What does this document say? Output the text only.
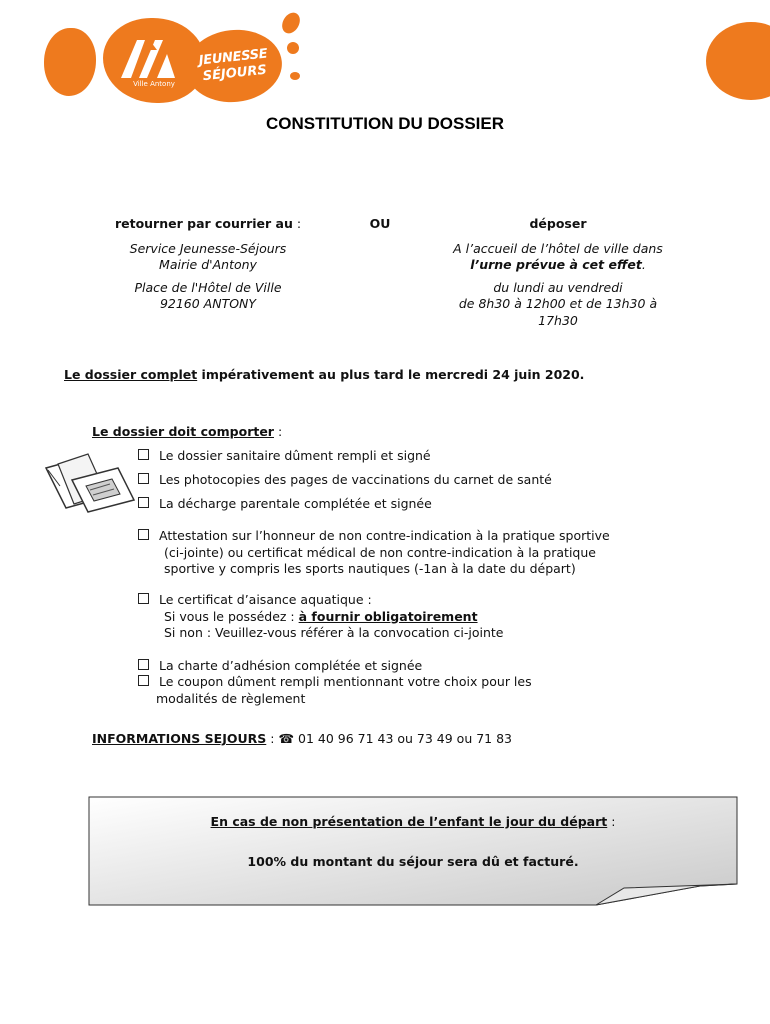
Ville Antony
JEUNESSE
SÉJOURS
CONSTITUTION DU DOSSIER
retourner par courrier au :
Service Jeunesse-Séjours
Mairie d'Antony
Place de l'Hôtel de Ville
92160 ANTONY
OU	déposer
A l’accueil de l’hôtel de ville dans
l’urne prévue à cet effet.
du lundi au vendredi
de 8h30 à 12h00 et de 13h30 à
17h30
Le dossier complet impérativement au plus tard le mercredi 24 juin 2020.
Le dossier doit comporter :
Le dossier sanitaire dûment rempli et signé
Les photocopies des pages de vaccinations du carnet de santé
La décharge parentale complétée et signée
Attestation sur l’honneur de non contre-indication à la pratique sportive
(ci-jointe) ou certificat médical de non contre-indication à la pratique
sportive y compris les sports nautiques (-1an à la date du départ)
Le certificat d’aisance aquatique :
Si vous le possédez : à fournir obligatoirement
Si non : Veuillez-vous référer à la convocation ci-jointe
La charte d’adhésion complétée et signée
Le coupon dûment rempli mentionnant votre choix pour les
modalités de règlement
INFORMATIONS SEJOURS : ☎ 01 40 96 71 43 ou 73 49 ou 71 83
En cas de non présentation de l’enfant le jour du départ :
100% du montant du séjour sera dû et facturé.
